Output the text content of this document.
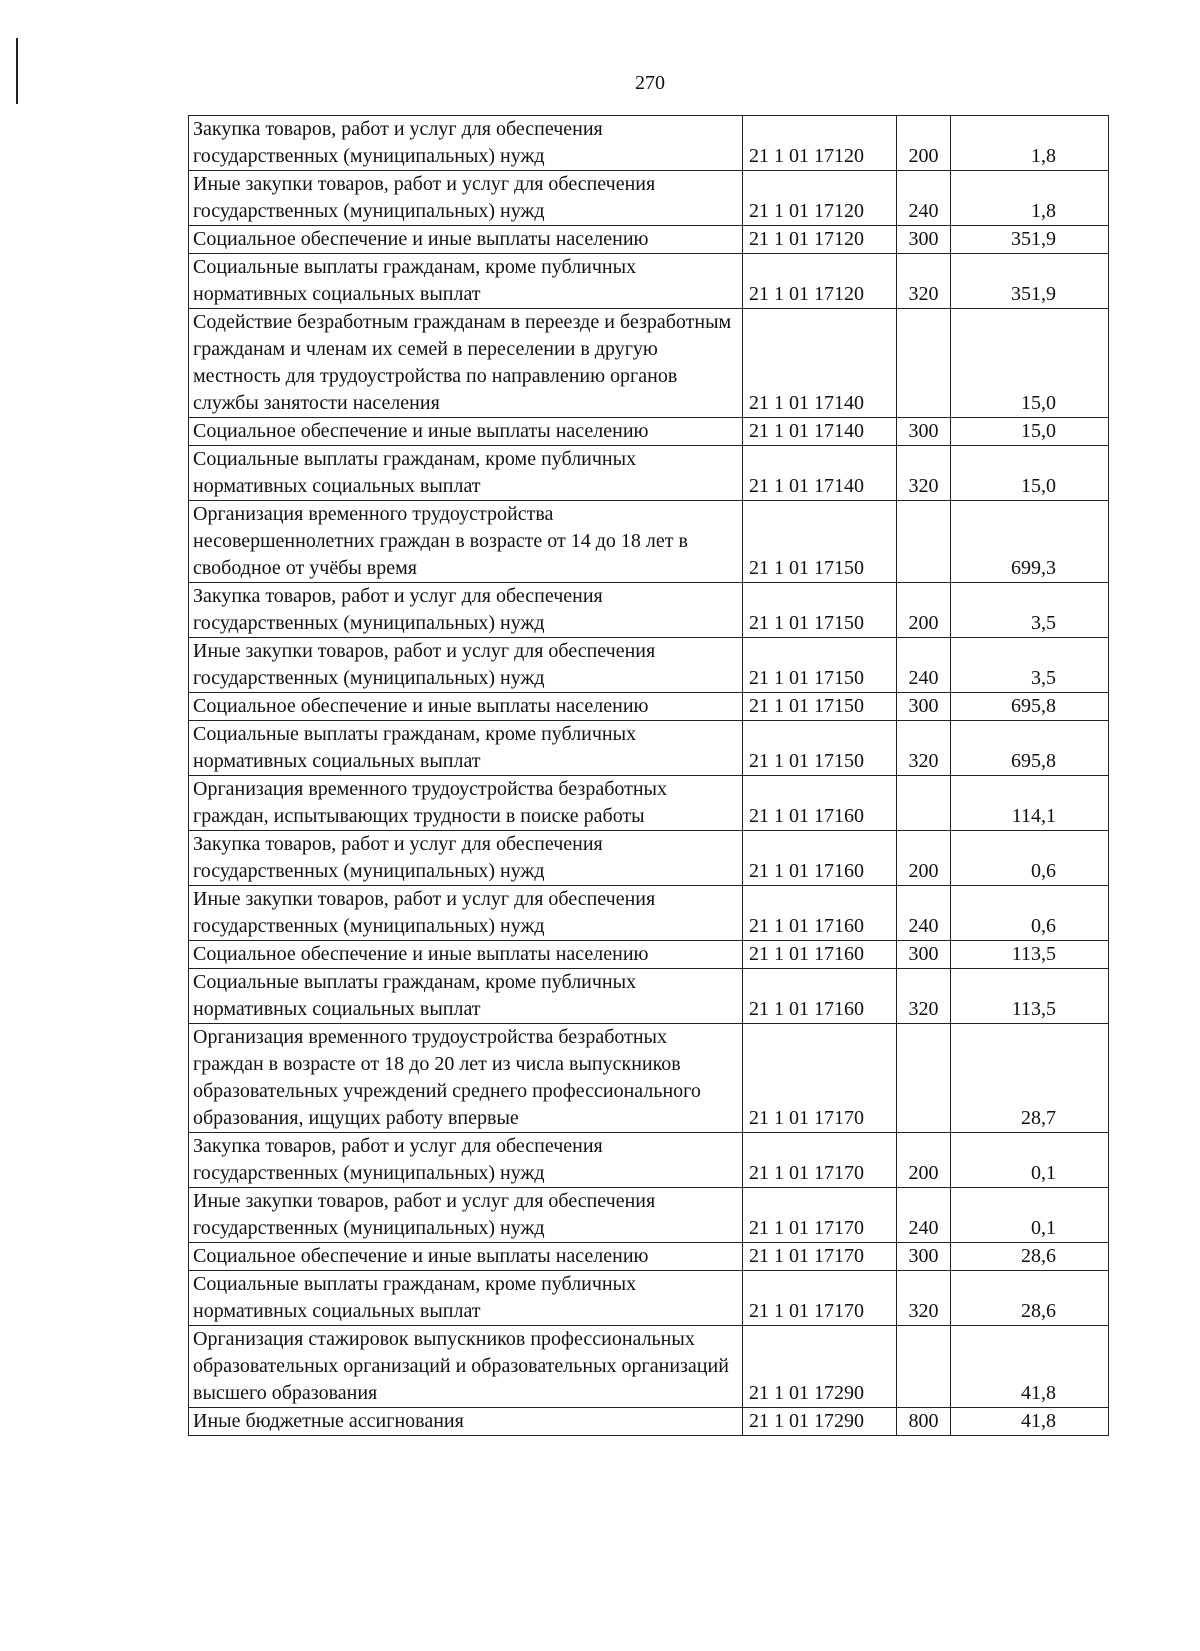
270
Закупка товаров, работ и услуг для обеспечения государственных (муниципальных) нужд	21 1 01 17120	200	1,8
Иные закупки товаров, работ и услуг для обеспечения государственных (муниципальных) нужд	21 1 01 17120	240	1,8
Социальное обеспечение и иные выплаты населению	21 1 01 17120	300	351,9
Социальные выплаты гражданам, кроме публичных нормативных социальных выплат	21 1 01 17120	320	351,9
Содействие безработным гражданам в переезде и безработным гражданам и членам их семей в переселении в другую местность для трудоустройства по направлению органов службы занятости населения	21 1 01 17140		15,0
Социальное обеспечение и иные выплаты населению	21 1 01 17140	300	15,0
Социальные выплаты гражданам, кроме публичных нормативных социальных выплат	21 1 01 17140	320	15,0
Организация временного трудоустройства несовершеннолетних граждан в возрасте от 14 до 18 лет в свободное от учёбы время	21 1 01 17150		699,3
Закупка товаров, работ и услуг для обеспечения государственных (муниципальных) нужд	21 1 01 17150	200	3,5
Иные закупки товаров, работ и услуг для обеспечения государственных (муниципальных) нужд	21 1 01 17150	240	3,5
Социальное обеспечение и иные выплаты населению	21 1 01 17150	300	695,8
Социальные выплаты гражданам, кроме публичных нормативных социальных выплат	21 1 01 17150	320	695,8
Организация временного трудоустройства безработных граждан, испытывающих трудности в поиске работы	21 1 01 17160		114,1
Закупка товаров, работ и услуг для обеспечения государственных (муниципальных) нужд	21 1 01 17160	200	0,6
Иные закупки товаров, работ и услуг для обеспечения государственных (муниципальных) нужд	21 1 01 17160	240	0,6
Социальное обеспечение и иные выплаты населению	21 1 01 17160	300	113,5
Социальные выплаты гражданам, кроме публичных нормативных социальных выплат	21 1 01 17160	320	113,5
Организация временного трудоустройства безработных граждан в возрасте от 18 до 20 лет из числа выпускников образовательных учреждений среднего профессионального образования, ищущих работу впервые	21 1 01 17170		28,7
Закупка товаров, работ и услуг для обеспечения государственных (муниципальных) нужд	21 1 01 17170	200	0,1
Иные закупки товаров, работ и услуг для обеспечения государственных (муниципальных) нужд	21 1 01 17170	240	0,1
Социальное обеспечение и иные выплаты населению	21 1 01 17170	300	28,6
Социальные выплаты гражданам, кроме публичных нормативных социальных выплат	21 1 01 17170	320	28,6
Организация стажировок выпускников профессиональных образовательных организаций и образовательных организаций высшего образования	21 1 01 17290		41,8
Иные бюджетные ассигнования	21 1 01 17290	800	41,8
